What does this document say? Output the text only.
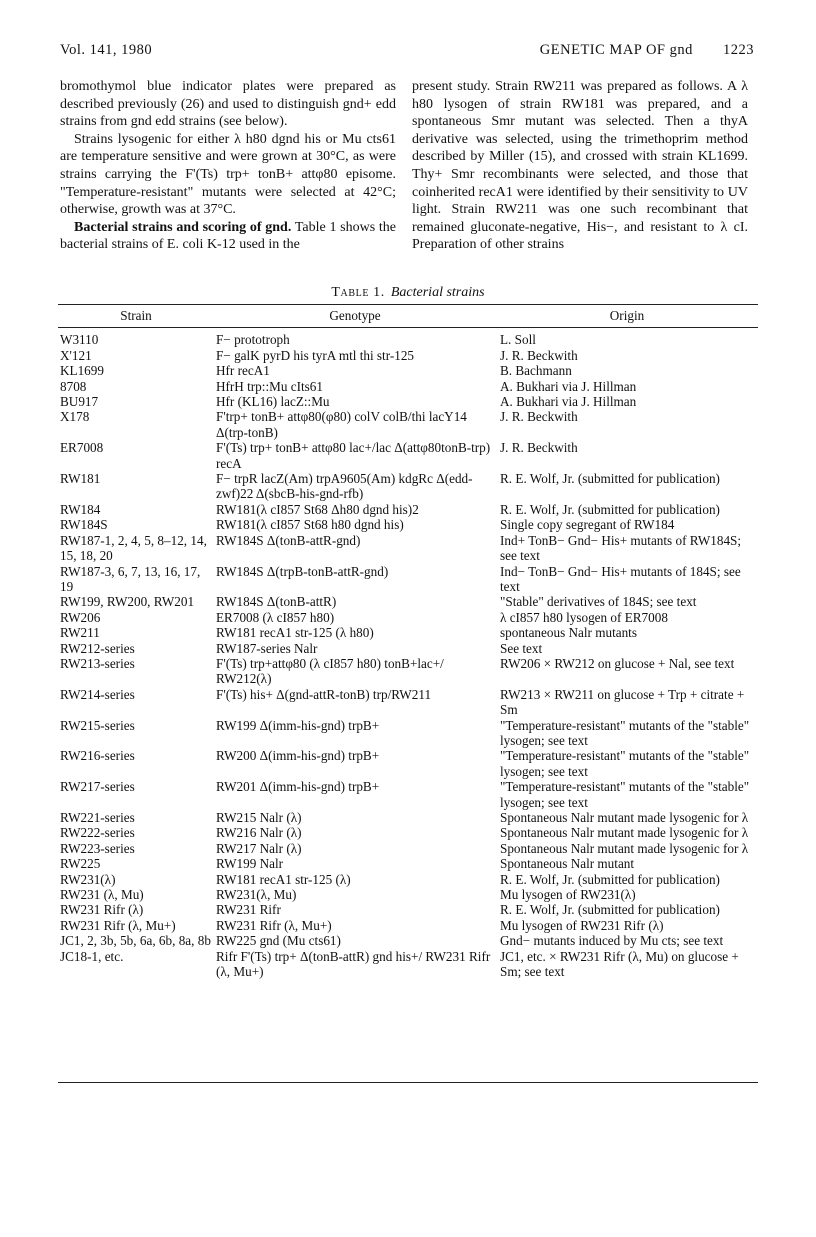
Vol. 141, 1980	GENETIC MAP OF gnd 1223

bromothymol blue indicator plates were prepared as described previously (26) and used to distinguish gnd+ edd strains from gnd edd strains (see below).

Strains lysogenic for either λ h80 dgnd his or Mu cts61 are temperature sensitive and were grown at 30°C, as were strains carrying the F'(Ts) trp+ tonB+ attφ80 episome. "Temperature-resistant" mutants were selected at 42°C; otherwise, growth was at 37°C.

Bacterial strains and scoring of gnd. Table 1 shows the bacterial strains of E. coli K-12 used in the

present study. Strain RW211 was prepared as follows. A λ h80 lysogen of strain RW181 was prepared, and a spontaneous Smr mutant was selected. Then a thyA derivative was selected, using the trimethoprim method described by Miller (15), and crossed with strain KL1699. Thy+ Smr recombinants were selected, and those that coinherited recA1 were identified by their sensitivity to UV light. Strain RW211 was one such recombinant that remained gluconate-negative, His−, and resistant to λ cI. Preparation of other strains

Table 1. Bacterial strains
Strain	Genotype	Origin
W3110	F− prototroph	L. Soll
X'121	F− galK pyrD his tyrA mtl thi str-125	J. R. Beckwith
KL1699	Hfr recA1	B. Bachmann
8708	HfrH trp::Mu cIts61	A. Bukhari via J. Hillman
BU917	Hfr (KL16) lacZ::Mu	A. Bukhari via J. Hillman
X178	F'trp+ tonB+ attφ80(φ80) colV colB/thi lacY14 Δ(trp-tonB)	J. R. Beckwith
ER7008	F'(Ts) trp+ tonB+ attφ80 lac+/lac Δ(attφ80tonB-trp) recA	J. R. Beckwith
RW181	F− trpR lacZ(Am) trpA9605(Am) kdgRc Δ(edd-zwf)22 Δ(sbcB-his-gnd-rfb)	R. E. Wolf, Jr. (submitted for publication)
RW184	RW181(λ cI857 St68 Δh80 dgnd his)2	R. E. Wolf, Jr. (submitted for publication)
RW184S	RW181(λ cI857 St68 h80 dgnd his)	Single copy segregant of RW184
RW187-1, 2, 4, 5, 8–12, 14, 15, 18, 20	RW184S Δ(tonB-attR-gnd)	Ind+ TonB− Gnd− His+ mutants of RW184S; see text
RW187-3, 6, 7, 13, 16, 17, 19	RW184S Δ(trpB-tonB-attR-gnd)	Ind− TonB− Gnd− His+ mutants of 184S; see text
RW199, RW200, RW201	RW184S Δ(tonB-attR)	"Stable" derivatives of 184S; see text
RW206	ER7008 (λ cI857 h80)	λ cI857 h80 lysogen of ER7008
RW211	RW181 recA1 str-125 (λ h80)	spontaneous Nalr mutants
RW212-series	RW187-series Nalr	See text
RW213-series	F'(Ts) trp+attφ80 (λ cI857 h80) tonB+lac+/ RW212(λ)	RW206 × RW212 on glucose + Nal, see text
RW214-series	F'(Ts) his+ Δ(gnd-attR-tonB) trp/RW211	RW213 × RW211 on glucose + Trp + citrate + Sm
RW215-series	RW199 Δ(imm-his-gnd) trpB+	"Temperature-resistant" mutants of the "stable" lysogen; see text
RW216-series	RW200 Δ(imm-his-gnd) trpB+	"Temperature-resistant" mutants of the "stable" lysogen; see text
RW217-series	RW201 Δ(imm-his-gnd) trpB+	"Temperature-resistant" mutants of the "stable" lysogen; see text
RW221-series	RW215 Nalr (λ)	Spontaneous Nalr mutant made lysogenic for λ
RW222-series	RW216 Nalr (λ)	Spontaneous Nalr mutant made lysogenic for λ
RW223-series	RW217 Nalr (λ)	Spontaneous Nalr mutant made lysogenic for λ
RW225	RW199 Nalr	Spontaneous Nalr mutant
RW231(λ)	RW181 recA1 str-125 (λ)	R. E. Wolf, Jr. (submitted for publication)
RW231 (λ, Mu)	RW231(λ, Mu)	Mu lysogen of RW231(λ)
RW231 Rifr (λ)	RW231 Rifr	R. E. Wolf, Jr. (submitted for publication)
RW231 Rifr (λ, Mu+)	RW231 Rifr (λ, Mu+)	Mu lysogen of RW231 Rifr (λ)
JC1, 2, 3b, 5b, 6a, 6b, 8a, 8b	RW225 gnd (Mu cts61)	Gnd− mutants induced by Mu cts; see text
JC18-1, etc.	Rifr F'(Ts) trp+ Δ(tonB-attR) gnd his+/ RW231 Rifr (λ, Mu+)	JC1, etc. × RW231 Rifr (λ, Mu) on glucose + Sm; see text
